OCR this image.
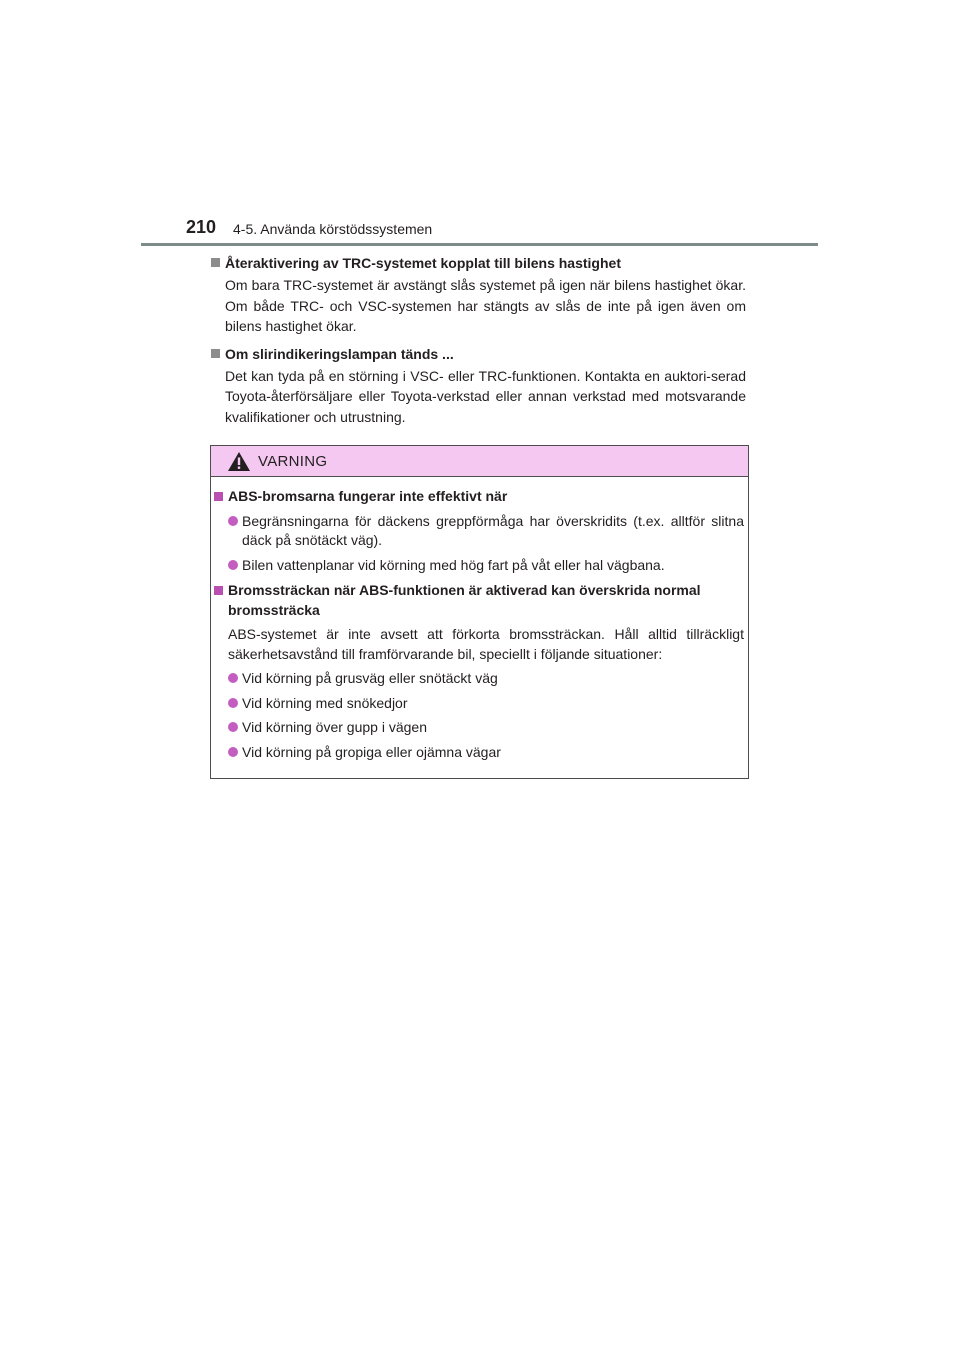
210 4-5. Använda körstödssystemen
Återaktivering av TRC-systemet kopplat till bilens hastighet
Om bara TRC-systemet är avstängt slås systemet på igen när bilens hastighet ökar. Om både TRC- och VSC-systemen har stängts av slås de inte på igen även om bilens hastighet ökar.
Om slirindikeringslampan tänds ...
Det kan tyda på en störning i VSC- eller TRC-funktionen. Kontakta en auktori-serad Toyota-återförsäljare eller Toyota-verkstad eller annan verkstad med motsvarande kvalifikationer och utrustning.
VARNING
ABS-bromsarna fungerar inte effektivt när
Begränsningarna för däckens greppförmåga har överskridits (t.ex. alltför slitna däck på snötäckt väg).
Bilen vattenplanar vid körning med hög fart på våt eller hal vägbana.
Bromssträckan när ABS-funktionen är aktiverad kan överskrida normal bromssträcka
ABS-systemet är inte avsett att förkorta bromssträckan. Håll alltid tillräckligt säkerhetsavstånd till framförvarande bil, speciellt i följande situationer:
Vid körning på grusväg eller snötäckt väg
Vid körning med snökedjor
Vid körning över gupp i vägen
Vid körning på gropiga eller ojämna vägar
